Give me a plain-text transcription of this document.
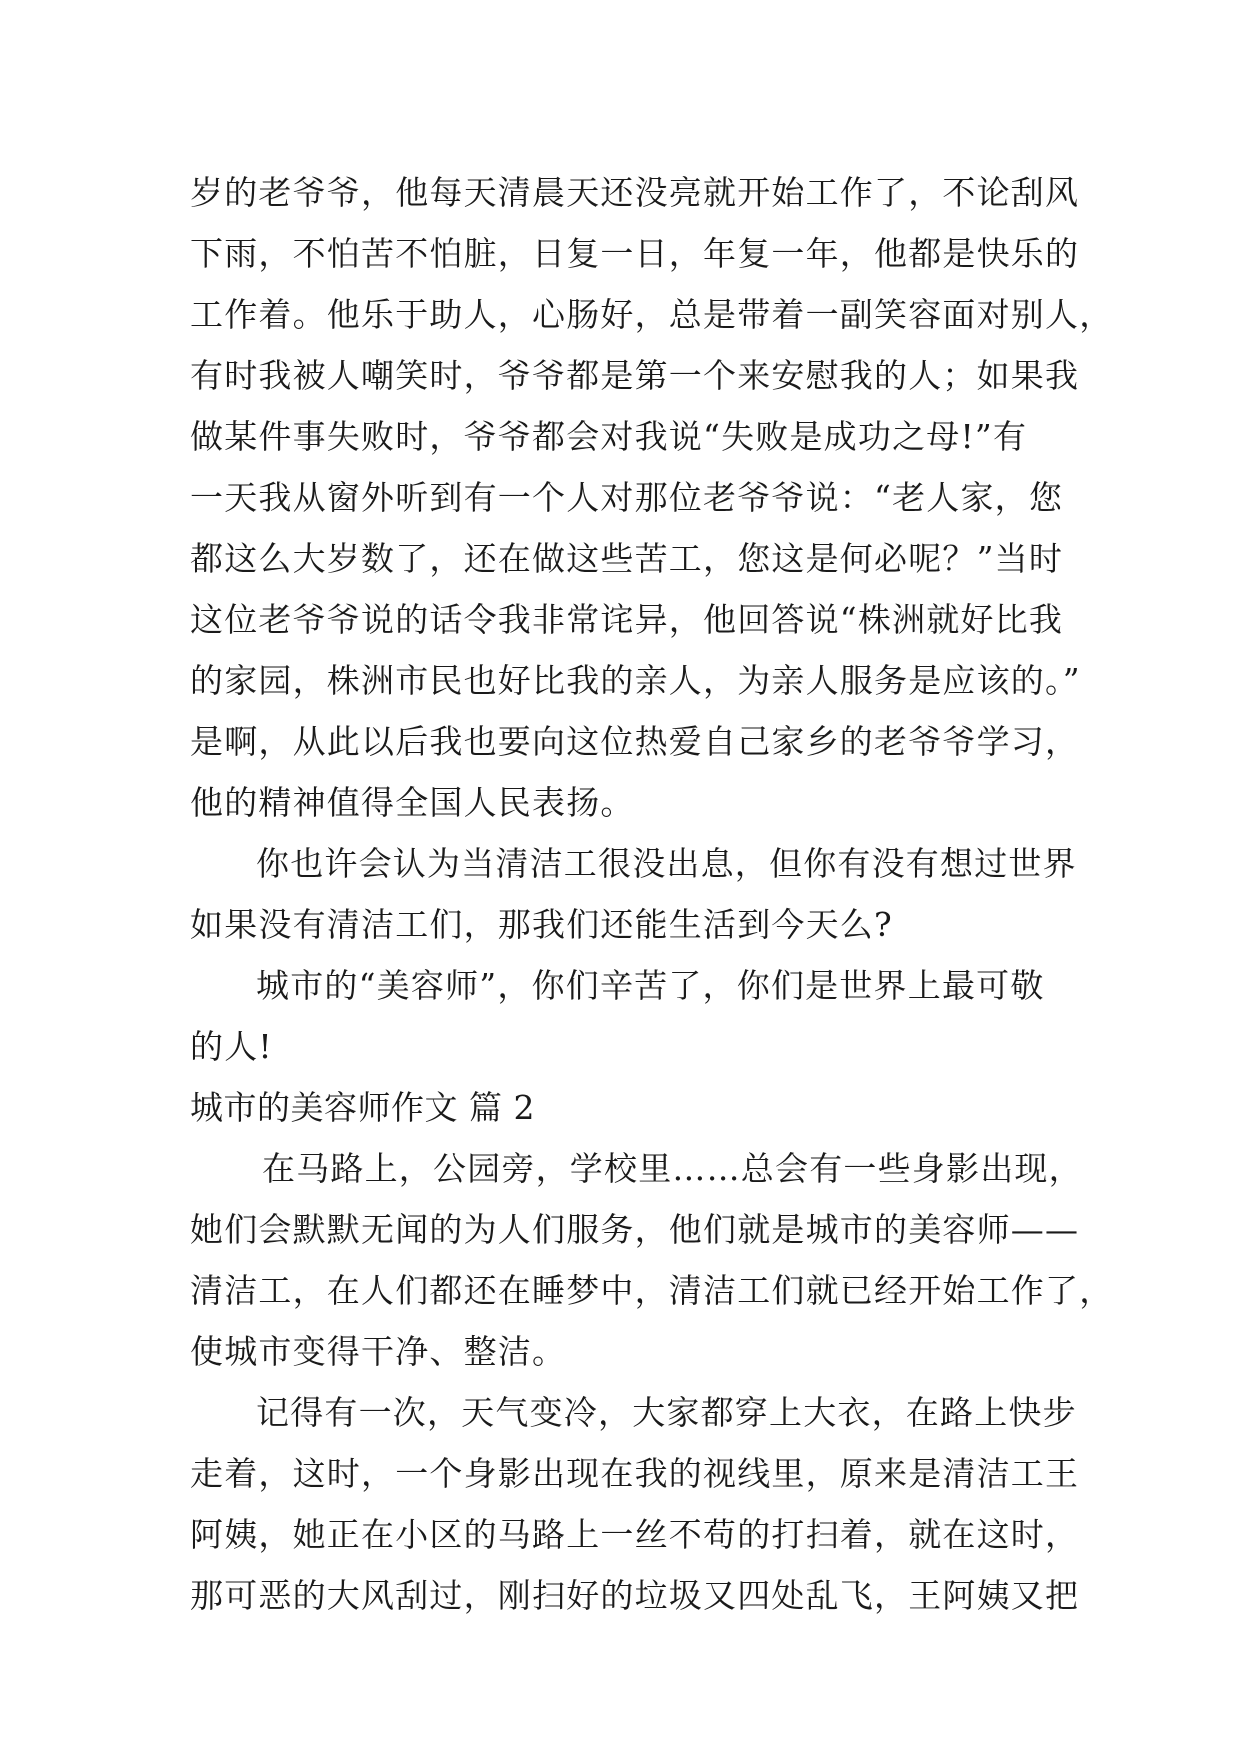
岁的老爷爷，他每天清晨天还没亮就开始工作了，不论刮风
下雨，不怕苦不怕脏，日复一日，年复一年，他都是快乐的
工作着。他乐于助人，心肠好，总是带着一副笑容面对别人，
有时我被人嘲笑时，爷爷都是第一个来安慰我的人；如果我
做某件事失败时，爷爷都会对我说“失败是成功之母!”有
一天我从窗外听到有一个人对那位老爷爷说：“老人家，您
都这么大岁数了，还在做这些苦工，您这是何必呢？”当时
这位老爷爷说的话令我非常诧异，他回答说“株洲就好比我
的家园，株洲市民也好比我的亲人，为亲人服务是应该的。”
是啊，从此以后我也要向这位热爱自己家乡的老爷爷学习，
他的精神值得全国人民表扬。
你也许会认为当清洁工很没出息，但你有没有想过世界
如果没有清洁工们，那我们还能生活到今天么?
城市的“美容师”，你们辛苦了，你们是世界上最可敬
的人!
城市的美容师作文 篇 2
在马路上，公园旁，学校里……总会有一些身影出现，
她们会默默无闻的为人们服务，他们就是城市的美容师——
清洁工，在人们都还在睡梦中，清洁工们就已经开始工作了，
使城市变得干净、整洁。
记得有一次，天气变冷，大家都穿上大衣，在路上快步
走着，这时，一个身影出现在我的视线里，原来是清洁工王
阿姨，她正在小区的马路上一丝不苟的打扫着，就在这时，
那可恶的大风刮过，刚扫好的垃圾又四处乱飞，王阿姨又把
